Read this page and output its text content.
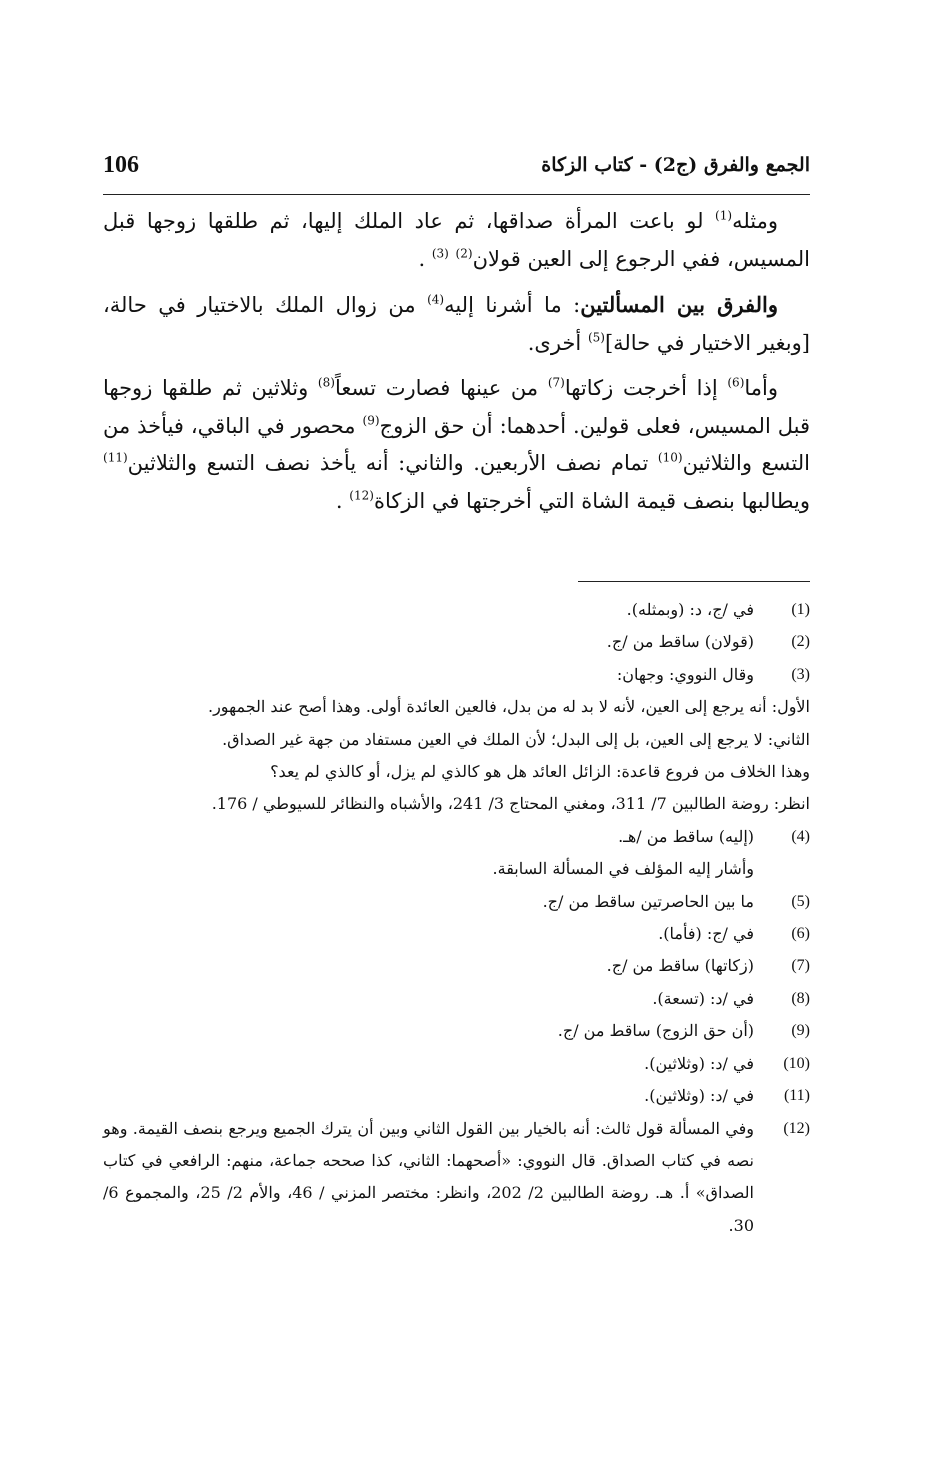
الجمع والفرق (ج2) - كتاب الزكاة
106

ومثله$^{(1)}$ لو باعت المرأة صداقها، ثم عاد الملك إليها، ثم طلقها زوجها قبل المسيس، ففي الرجوع إلى العين قولان$^{(2)}$ $^{(3)}$ .

والفرق بين المسألتين: ما أشرنا إليه$^{(4)}$ من زوال الملك بالاختيار في حالة، [وبغير الاختيار في حالة]$^{(5)}$ أخرى.

وأما$^{(6)}$ إذا أخرجت زكاتها$^{(7)}$ من عينها فصارت تسعاً$^{(8)}$ وثلاثين ثم طلقها زوجها قبل المسيس، فعلى قولين. أحدهما: أن حق الزوج$^{(9)}$ محصور في الباقي، فيأخذ من التسع والثلاثين$^{(10)}$ تمام نصف الأربعين. والثاني: أنه يأخذ نصف التسع والثلاثين$^{(11)}$ ويطالبها بنصف قيمة الشاة التي أخرجتها في الزكاة$^{(12)}$ .

(1)
في /ج، د: (وبمثله).
(2)
(قولان) ساقط من /ج.
(3)
وقال النووي: وجهان:
الأول: أنه يرجع إلى العين، لأنه لا بد له من بدل، فالعين العائدة أولى. وهذا أصح عند الجمهور.
الثاني: لا يرجع إلى العين، بل إلى البدل؛ لأن الملك في العين مستفاد من جهة غير الصداق.
وهذا الخلاف من فروع قاعدة: الزائل العائد هل هو كالذي لم يزل، أو كالذي لم يعد؟
انظر: روضة الطالبين 7/ 311، ومغني المحتاج 3/ 241، والأشباه والنظائر للسيوطي / 176.
(4)
(إليه) ساقط من /هـ.
وأشار إليه المؤلف في المسألة السابقة.
(5)
ما بين الحاصرتين ساقط من /ج.
(6)
في /ج: (فأما).
(7)
(زكاتها) ساقط من /ج.
(8)
في /د: (تسعة).
(9)
(أن حق الزوج) ساقط من /ج.
(10)
في /د: (وثلاثين).
(11)
في /د: (وثلاثين).
(12)
وفي المسألة قول ثالث: أنه بالخيار بين القول الثاني وبين أن يترك الجميع ويرجع بنصف القيمة. وهو نصه في كتاب الصداق. قال النووي: «أصحهما: الثاني، كذا صححه جماعة، منهم: الرافعي في كتاب الصداق» أ. هـ. روضة الطالبين 2/ 202، وانظر: مختصر المزني / 46، والأم 2/ 25، والمجموع 6/ 30.
